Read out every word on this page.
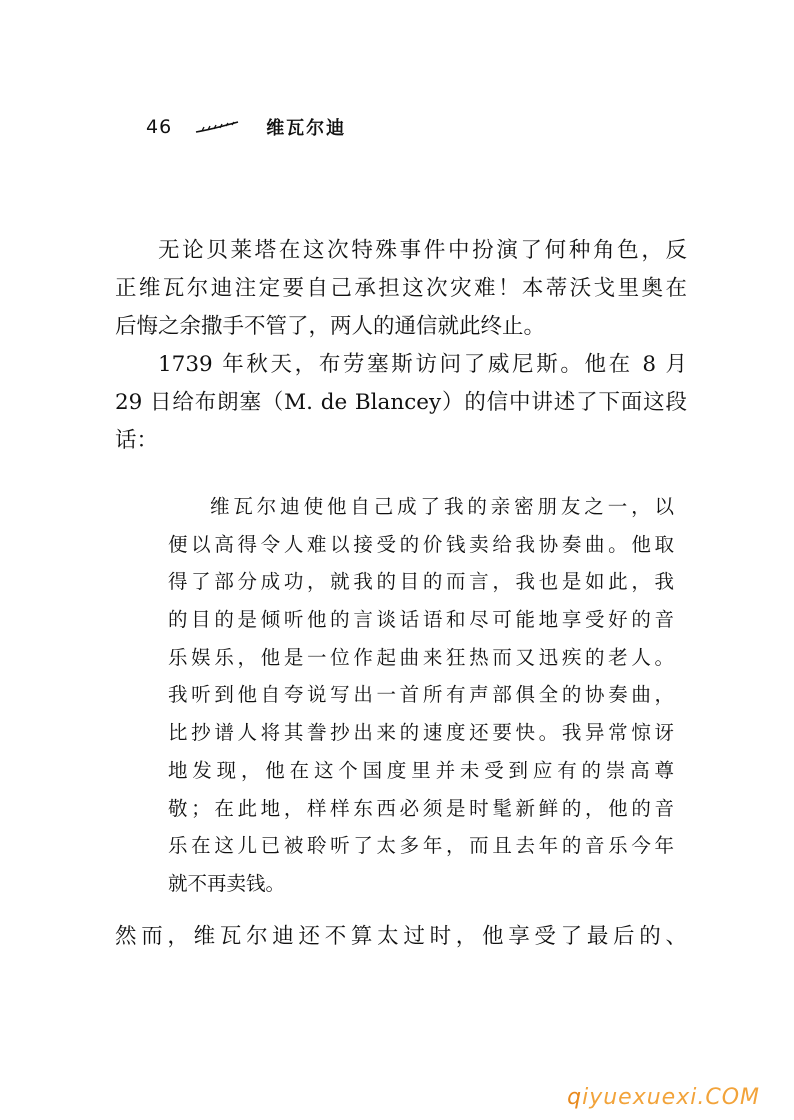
46	维瓦尔迪
无论贝莱塔在这次特殊事件中扮演了何种角色，反
正维瓦尔迪注定要自己承担这次灾难！本蒂沃戈里奥在
后悔之余撒手不管了，两人的通信就此终止。
1739 年秋天，布劳塞斯访问了威尼斯。他在 8 月
29 日给布朗塞（M. de Blancey）的信中讲述了下面这段
话：
维瓦尔迪使他自己成了我的亲密朋友之一，以
便以高得令人难以接受的价钱卖给我协奏曲。他取
得了部分成功，就我的目的而言，我也是如此，我
的目的是倾听他的言谈话语和尽可能地享受好的音
乐娱乐，他是一位作起曲来狂热而又迅疾的老人。
我听到他自夸说写出一首所有声部俱全的协奏曲，
比抄谱人将其誊抄出来的速度还要快。我异常惊讶
地发现，他在这个国度里并未受到应有的崇高尊
敬；在此地，样样东西必须是时髦新鲜的，他的音
乐在这儿已被聆听了太多年，而且去年的音乐今年
就不再卖钱。
然而，维瓦尔迪还不算太过时，他享受了最后的、
qiyuexuexi.COM
